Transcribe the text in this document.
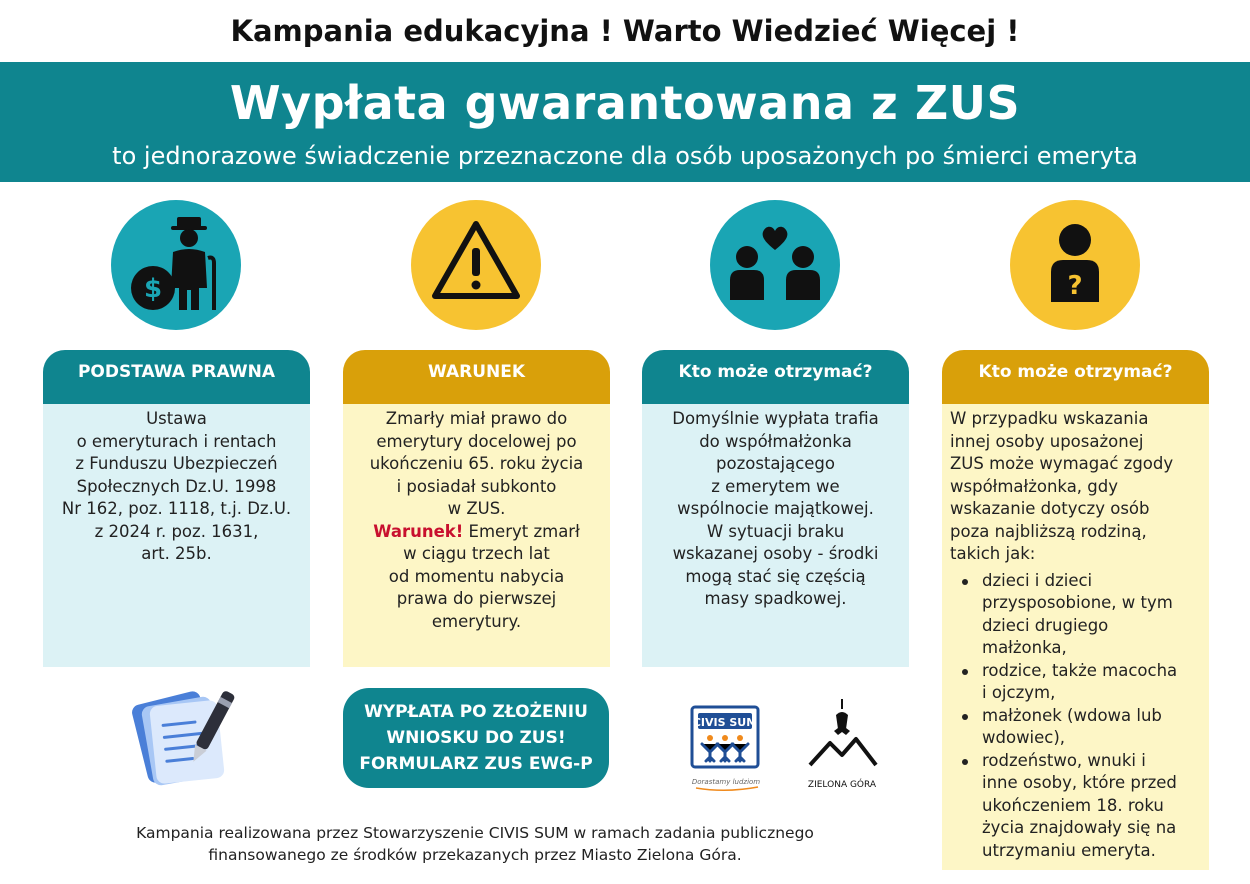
Kampania edukacyjna ! Warto Wiedzieć Więcej !
Wypłata gwarantowana z ZUS
to jednorazowe świadczenie przeznaczone dla osób uposażonych po śmierci emeryta
$	?
PODSTAWA PRAWNA
Ustawa
o emeryturach i rentach
z Funduszu Ubezpieczeń
Społecznych Dz.U. 1998
Nr 162, poz. 1118, t.j. Dz.U.
z 2024 r. poz. 1631,
art. 25b.
WARUNEK
Zmarły miał prawo do
emerytury docelowej po
ukończeniu 65. roku życia
i posiadał subkonto
w ZUS.
Warunek! Emeryt zmarł
w ciągu trzech lat
od momentu nabycia
prawa do pierwszej
emerytury.
Kto może otrzymać?
Domyślnie wypłata trafia
do współmałżonka
pozostającego
z emerytem we
wspólnocie majątkowej.
W sytuacji braku
wskazanej osoby - środki
mogą stać się częścią
masy spadkowej.
Kto może otrzymać?
W przypadku wskazania
innej osoby uposażonej
ZUS może wymagać zgody
współmałżonka, gdy
wskazanie dotyczy osób
poza najbliższą rodziną,
takich jak:
dzieci i dzieci
przysposobione, w tym
dzieci drugiego
małżonka,
rodzice, także macocha
i ojczym,
małżonek (wdowa lub
wdowiec),
rodzeństwo, wnuki i
inne osoby, które przed
ukończeniem 18. roku
życia znajdowały się na
utrzymaniu emeryta.
WYPŁATA PO ZŁOŻENIU
WNIOSKU DO ZUS!
FORMULARZ ZUS EWG-P
CIVIS SUM
Dorastamy ludziom	ZIELONA GÓRA
Kampania realizowana przez Stowarzyszenie CIVIS SUM w ramach zadania publicznego
finansowanego ze środków przekazanych przez Miasto Zielona Góra.
